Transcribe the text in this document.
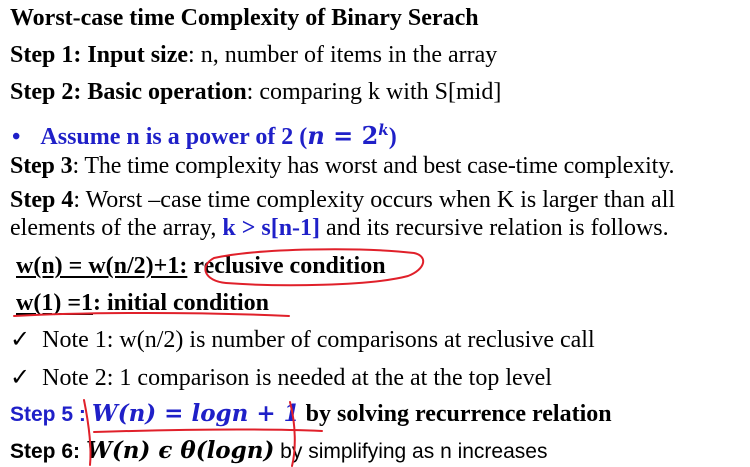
Worst-case time Complexity of Binary Serach
Step 1: Input size: n, number of items in the array
Step 2: Basic operation: comparing k with S[mid]
• Assume n is a power of 2 $(n = 2^k)$
Step 3: The time complexity has worst and best case-time complexity.
Step 4: Worst –case time complexity occurs when K is larger than all
elements of the array, k > s[n-1] and its recursive relation is follows.
w(n) = w(n/2)+1: reclusive condition
w(1) =1: initial condition
✓ Note 1: w(n/2) is number of comparisons at reclusive call
✓ Note 2: 1 comparison is needed at the at the top level
Step 5 : W(n) = logn + 1 by solving recurrence relation
Step 6: W(n) ϵ θ(logn) by simplifying as n increases
